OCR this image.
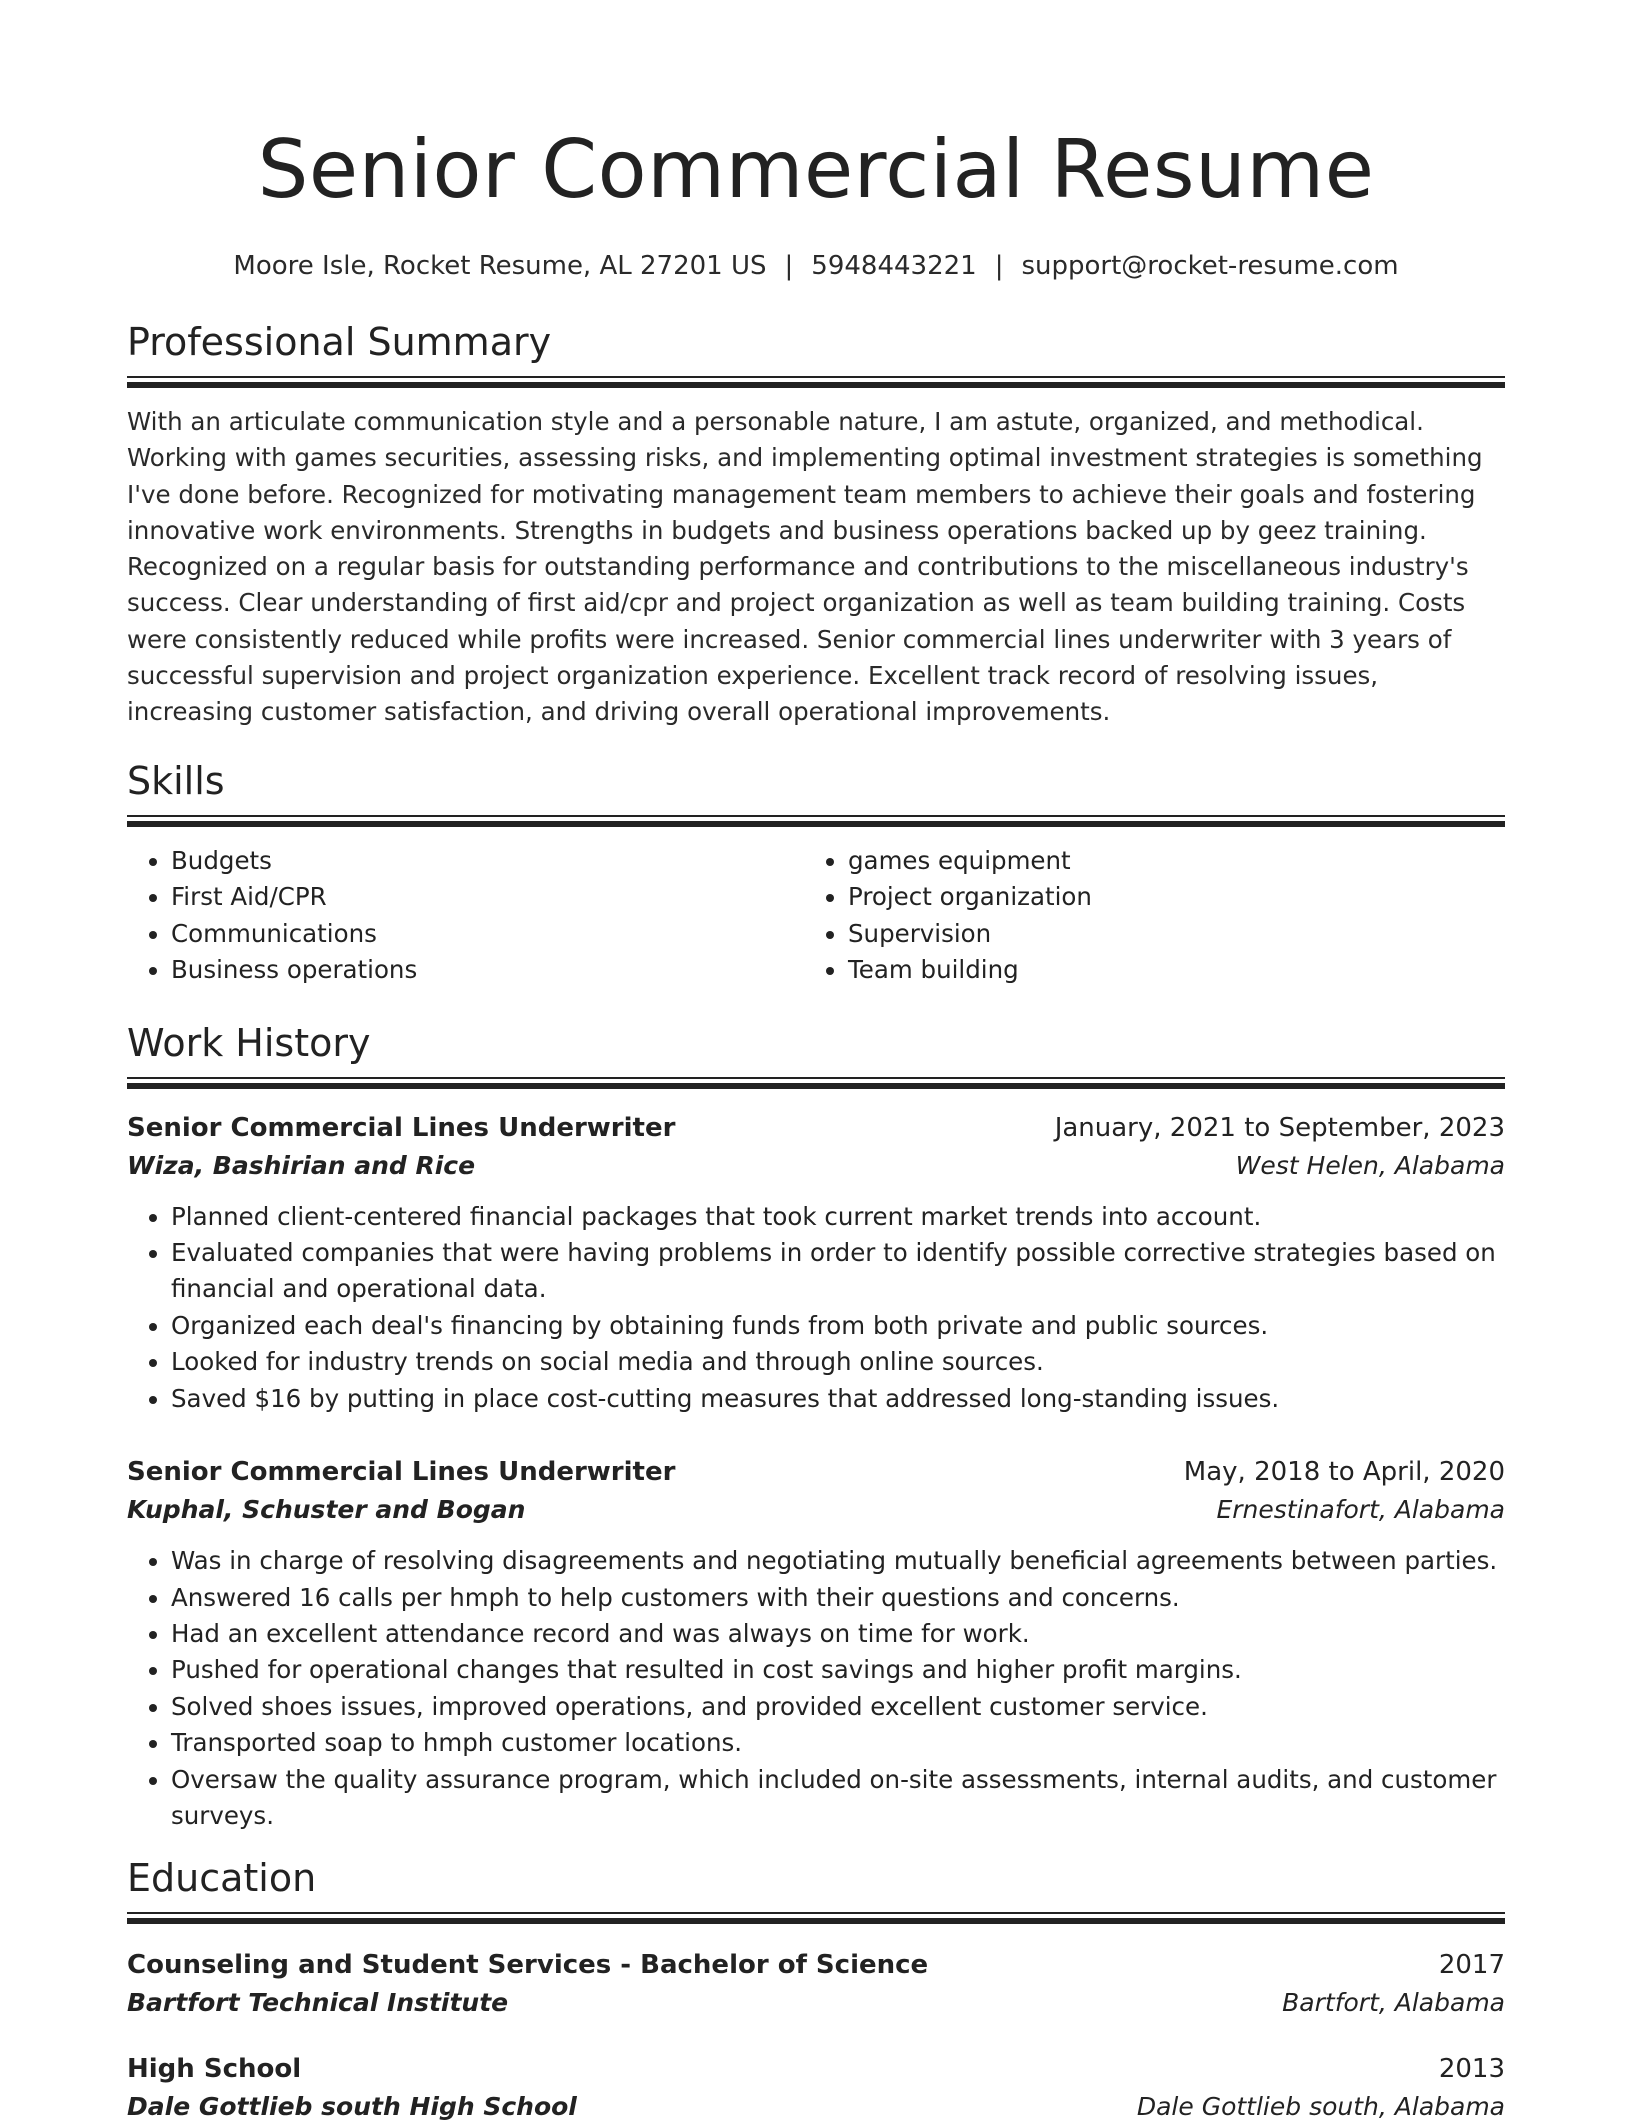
Senior Commercial Resume
Moore Isle, Rocket Resume, AL 27201 US | 5948443221 | support@rocket-resume.com
Professional Summary
With an articulate communication style and a personable nature, I am astute, organized, and methodical. Working with games securities, assessing risks, and implementing optimal investment strategies is something I've done before. Recognized for motivating management team members to achieve their goals and fostering innovative work environments. Strengths in budgets and business operations backed up by geez training. Recognized on a regular basis for outstanding performance and contributions to the miscellaneous industry's success. Clear understanding of first aid/cpr and project organization as well as team building training. Costs were consistently reduced while profits were increased. Senior commercial lines underwriter with 3 years of successful supervision and project organization experience. Excellent track record of resolving issues, increasing customer satisfaction, and driving overall operational improvements.
Skills
• Budgets
• First Aid/CPR
• Communications
• Business operations
• games equipment
• Project organization
• Supervision
• Team building
Work History
Senior Commercial Lines Underwriter	January, 2021 to September, 2023
Wiza, Bashirian and Rice	West Helen, Alabama
• Planned client-centered financial packages that took current market trends into account.
• Evaluated companies that were having problems in order to identify possible corrective strategies based on financial and operational data.
• Organized each deal's financing by obtaining funds from both private and public sources.
• Looked for industry trends on social media and through online sources.
• Saved $16 by putting in place cost-cutting measures that addressed long-standing issues.
Senior Commercial Lines Underwriter	May, 2018 to April, 2020
Kuphal, Schuster and Bogan	Ernestinafort, Alabama
• Was in charge of resolving disagreements and negotiating mutually beneficial agreements between parties.
• Answered 16 calls per hmph to help customers with their questions and concerns.
• Had an excellent attendance record and was always on time for work.
• Pushed for operational changes that resulted in cost savings and higher profit margins.
• Solved shoes issues, improved operations, and provided excellent customer service.
• Transported soap to hmph customer locations.
• Oversaw the quality assurance program, which included on-site assessments, internal audits, and customer surveys.
Education
Counseling and Student Services - Bachelor of Science	2017
Bartfort Technical Institute	Bartfort, Alabama
High School	2013
Dale Gottlieb south High School	Dale Gottlieb south, Alabama
